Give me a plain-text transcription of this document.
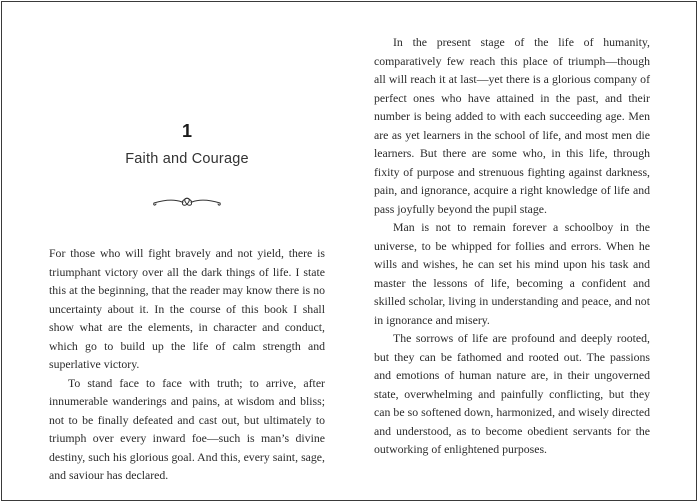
1
Faith and Courage

For those who will fight bravely and not yield, there is triumphant victory over all the dark things of life. I state this at the beginning, that the reader may know there is no uncertainty about it. In the course of this book I shall show what are the elements, in character and conduct, which go to build up the life of calm strength and superlative victory.

To stand face to face with truth; to arrive, after innumerable wanderings and pains, at wisdom and bliss; not to be finally defeated and cast out, but ultimately to triumph over every inward foe—such is man’s divine destiny, such his glorious goal. And this, every saint, sage, and saviour has declared.

In the present stage of the life of humanity, comparatively few reach this place of triumph—though all will reach it at last—yet there is a glorious company of perfect ones who have attained in the past, and their number is being added to with each succeeding age. Men are as yet learners in the school of life, and most men die learners. But there are some who, in this life, through fixity of purpose and strenuous fighting against darkness, pain, and ignorance, acquire a right knowledge of life and pass joyfully beyond the pupil stage.

Man is not to remain forever a schoolboy in the universe, to be whipped for follies and errors. When he wills and wishes, he can set his mind upon his task and master the lessons of life, becoming a confident and skilled scholar, living in understanding and peace, and not in ignorance and misery.

The sorrows of life are profound and deeply rooted, but they can be fathomed and rooted out. The passions and emotions of human nature are, in their ungoverned state, overwhelming and painfully conflicting, but they can be so softened down, harmonized, and wisely directed and understood, as to become obedient servants for the outworking of enlightened purposes.
